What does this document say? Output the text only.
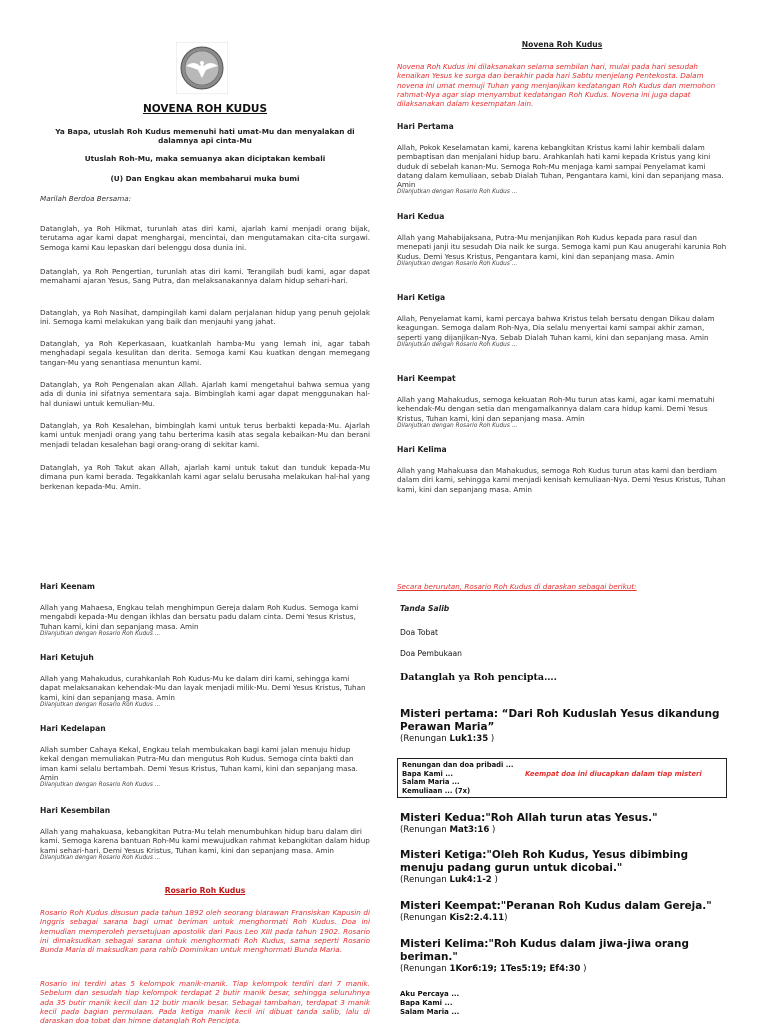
NOVENA ROH KUDUS

Ya Bapa, utuslah Roh Kudus memenuhi hati umat-Mu dan menyalakan di dalamnya api cinta-Mu

Utuslah Roh-Mu, maka semuanya akan diciptakan kembali

(U) Dan Engkau akan membaharui muka bumi

Marilah Berdoa Bersama:

Datanglah, ya Roh Hikmat, turunlah atas diri kami, ajarlah kami menjadi orang bijak, terutama agar kami dapat menghargai, mencintai, dan mengutamakan cita-cita surgawi. Semoga kami Kau lepaskan dari belenggu dosa dunia ini.

Datanglah, ya Roh Pengertian, turunlah atas diri kami. Terangilah budi kami, agar dapat memahami ajaran Yesus, Sang Putra, dan melaksanakannya dalam hidup sehari-hari.

Datanglah, ya Roh Nasihat, dampingilah kami dalam perjalanan hidup yang penuh gejolak ini. Semoga kami melakukan yang baik dan menjauhi yang jahat.

Datanglah, ya Roh Keperkasaan, kuatkanlah hamba-Mu yang lemah ini, agar tabah menghadapi segala kesulitan dan derita. Semoga kami Kau kuatkan dengan memegang tangan-Mu yang senantiasa menuntun kami.

Datanglah, ya Roh Pengenalan akan Allah. Ajarlah kami mengetahui bahwa semua yang ada di dunia ini sifatnya sementara saja. Bimbinglah kami agar dapat menggunakan hal-hal duniawi untuk kemulian-Mu.

Datanglah, ya Roh Kesalehan, bimbinglah kami untuk terus berbakti kepada-Mu. Ajarlah kami untuk menjadi orang yang tahu berterima kasih atas segala kebaikan-Mu dan berani menjadi teladan kesalehan bagi orang-orang di sekitar kami.

Datanglah, ya Roh Takut akan Allah, ajarlah kami untuk takut dan tunduk kepada-Mu dimana pun kami berada. Tegakkanlah kami agar selalu berusaha melakukan hal-hal yang berkenan kepada-Mu. Amin.

Novena Roh Kudus

Novena Roh Kudus ini dilaksanakan selama sembilan hari, mulai pada hari sesudah kenaikan Yesus ke surga dan berakhir pada hari Sabtu menjelang Pentekosta. Dalam novena ini umat memuji Tuhan yang menjanjikan kedatangan Roh Kudus dan memohon rahmat-Nya agar siap menyambut kedatangan Roh Kudus. Novena ini juga dapat dilaksanakan dalam kesempatan lain.

Hari Pertama

Allah, Pokok Keselamatan kami, karena kebangkitan Kristus kami lahir kembali dalam pembaptisan dan menjalani hidup baru. Arahkanlah hati kami kepada Kristus yang kini duduk di sebelah kanan-Mu. Semoga Roh-Mu menjaga kami sampai Penyelamat kami datang dalam kemuliaan, sebab Dialah Tuhan, Pengantara kami, kini dan sepanjang masa. Amin

Dilanjutkan dengan Rosario Roh Kudus ...

Hari Kedua

Allah yang Mahabijaksana, Putra-Mu menjanjikan Roh Kudus kepada para rasul dan menepati janji itu sesudah Dia naik ke surga. Semoga kami pun Kau anugerahi karunia Roh Kudus. Demi Yesus Kristus, Pengantara kami, kini dan sepanjang masa. Amin

Dilanjutkan dengan Rosario Roh Kudus ...

Hari Ketiga

Allah, Penyelamat kami, kami percaya bahwa Kristus telah bersatu dengan Dikau dalam keagungan. Semoga dalam Roh-Nya, Dia selalu menyertai kami sampai akhir zaman, seperti yang dijanjikan-Nya. Sebab Dialah Tuhan kami, kini dan sepanjang masa. Amin

Dilanjutkan dengan Rosario Roh Kudus ...

Hari Keempat

Allah yang Mahakudus, semoga kekuatan Roh-Mu turun atas kami, agar kami mematuhi kehendak-Mu dengan setia dan mengamalkannya dalam cara hidup kami. Demi Yesus Kristus, Tuhan kami, kini dan sepanjang masa. Amin

Dilanjutkan dengan Rosario Roh Kudus ...

Hari Kelima

Allah yang Mahakuasa dan Mahakudus, semoga Roh Kudus turun atas kami dan berdiam dalam diri kami, sehingga kami menjadi kenisah kemuliaan-Nya. Demi Yesus Kristus, Tuhan kami, kini dan sepanjang masa. Amin

Hari Keenam

Allah yang Mahaesa, Engkau telah menghimpun Gereja dalam Roh Kudus. Semoga kami mengabdi kepada-Mu dengan ikhlas dan bersatu padu dalam cinta. Demi Yesus Kristus, Tuhan kami, kini dan sepanjang masa. Amin

Dilanjutkan dengan Rosario Roh Kudus ...

Hari Ketujuh

Allah yang Mahakudus, curahkanlah Roh Kudus-Mu ke dalam diri kami, sehingga kami dapat melaksanakan kehendak-Mu dan layak menjadi milik-Mu. Demi Yesus Kristus, Tuhan kami, kini dan sepanjang masa. Amin

Dilanjutkan dengan Rosario Roh Kudus ...

Hari Kedelapan

Allah sumber Cahaya Kekal, Engkau telah membukakan bagi kami jalan menuju hidup kekal dengan memuliakan Putra-Mu dan mengutus Roh Kudus. Semoga cinta bakti dan iman kami selalu bertambah. Demi Yesus Kristus, Tuhan kami, kini dan sepanjang masa. Amin

Dilanjutkan dengan Rosario Roh Kudus ...

Hari Kesembilan

Allah yang mahakuasa, kebangkitan Putra-Mu telah menumbuhkan hidup baru dalam diri kami. Semoga karena bantuan Roh-Mu kami mewujudkan rahmat kebangkitan dalam hidup kami sehari-hari. Demi Yesus Kristus, Tuhan kami, kini dan sepanjang masa. Amin

Dilanjutkan dengan Rosario Roh Kudus ...

Rosario Roh Kudus

Rosario Roh Kudus disusun pada tahun 1892 oleh seorang biarawan Fransiskan Kapusin di Inggris sebagai sarana bagi umat beriman untuk menghormati Roh Kudus. Doa ini kemudian memperoleh persetujuan apostolik dari Paus Leo XIII pada tahun 1902. Rosario ini dimaksudkan sebagai sarana untuk menghormati Roh Kudus, sama seperti Rosario Bunda Maria di maksudkan para rahib Dominikan untuk menghormati Bunda Maria.

Rosario ini terdiri atas 5 kelompok manik-manik. Tiap kelompok terdiri dari 7 manik. Sebelum dan sesudah tiap kelompok terdapat 2 butir manik besar, sehingga seluruhnya ada 35 butir manik kecil dan 12 butir manik besar. Sebagai tambahan, terdapat 3 manik kecil pada bagian permulaan. Pada ketiga manik kecil ini dibuat tanda salib, lalu di daraskan doa tobat dan himne datanglah Roh Pencipta.

Secara berurutan, Rosario Roh Kudus di daraskan sebagai berikut:

Tanda Salib

Doa Tobat

Doa Pembukaan

Datanglah ya Roh pencipta….

Misteri pertama: “Dari Roh Kuduslah Yesus dikandung Perawan Maria”

(Renungan Luk1:35 )

Renungan dan doa pribadi ...

Bapa Kami ...

Salam Maria ...

Kemuliaan ... (7x)

Keempat doa ini diucapkan dalam tiap misteri

Misteri Kedua:"Roh Allah turun atas Yesus."

(Renungan Mat3:16 )

Misteri Ketiga:"Oleh Roh Kudus, Yesus dibimbing menuju padang gurun untuk dicobai."

(Renungan Luk4:1-2 )

Misteri Keempat:"Peranan Roh Kudus dalam Gereja."

(Renungan Kis2:2.4.11)

Misteri Kelima:"Roh Kudus dalam jiwa-jiwa orang beriman."

(Renungan 1Kor6:19; 1Tes5:19; Ef4:30 )

Aku Percaya ...

Bapa Kami ...

Salam Maria ...
